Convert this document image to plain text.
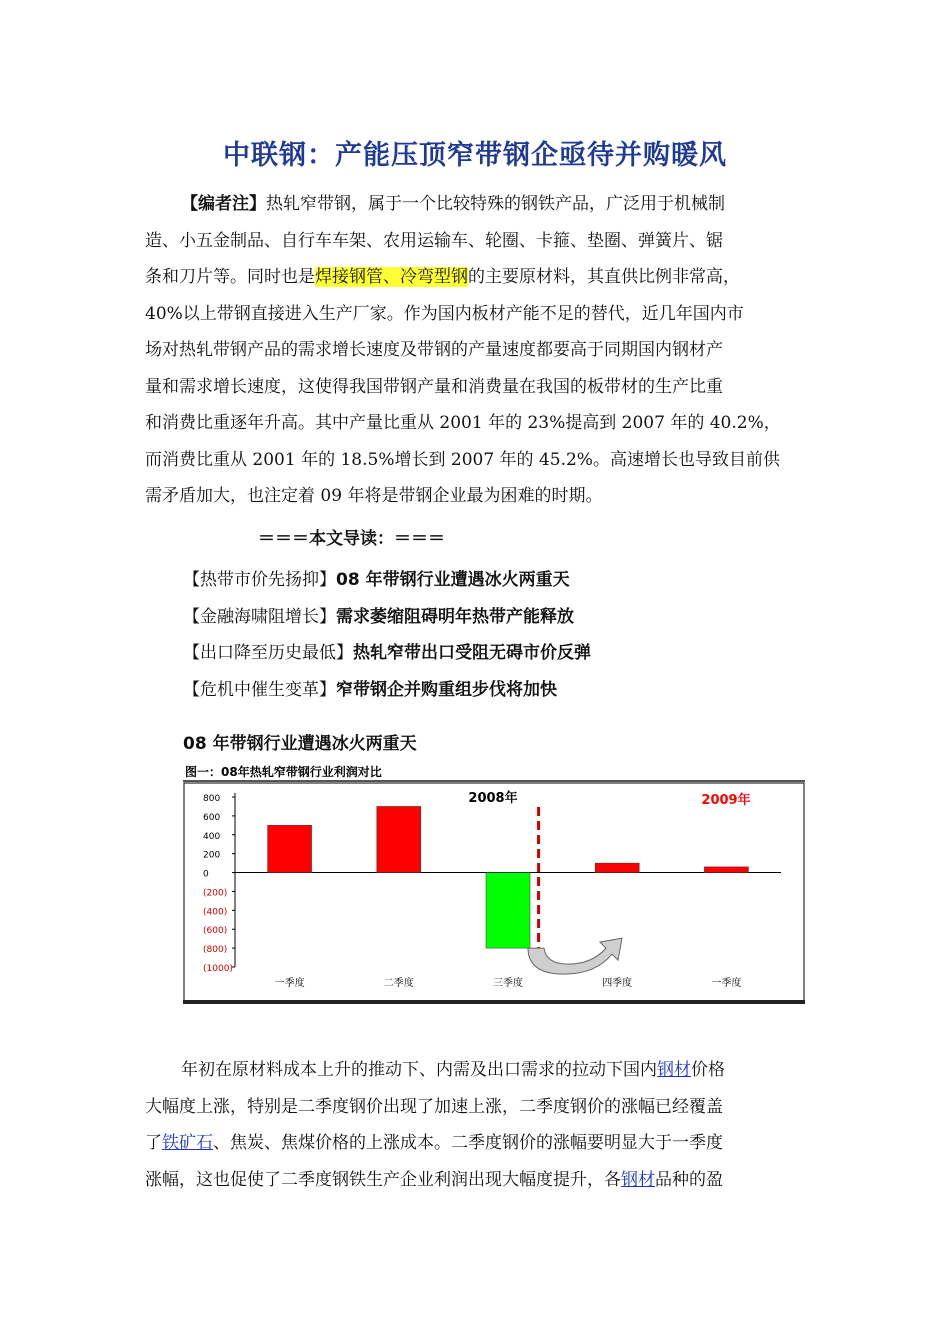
中联钢：产能压顶窄带钢企亟待并购暖风
【编者注】热轧窄带钢，属于一个比较特殊的钢铁产品，广泛用于机械制
造、小五金制品、自行车车架、农用运输车、轮圈、卡箍、垫圈、弹簧片、锯
条和刀片等。同时也是焊接钢管、冷弯型钢的主要原材料，其直供比例非常高，
40%以上带钢直接进入生产厂家。作为国内板材产能不足的替代，近几年国内市
场对热轧带钢产品的需求增长速度及带钢的产量速度都要高于同期国内钢材产
量和需求增长速度，这使得我国带钢产量和消费量在我国的板带材的生产比重
和消费比重逐年升高。其中产量比重从 2001 年的 23%提高到 2007 年的 40.2%，
而消费比重从 2001 年的 18.5%增长到 2007 年的 45.2%。高速增长也导致目前供
需矛盾加大，也注定着 09 年将是带钢企业最为困难的时期。
＝＝＝本文导读：＝＝＝
【热带市价先扬抑】08 年带钢行业遭遇冰火两重天
【金融海啸阻增长】需求萎缩阻碍明年热带产能释放
【出口降至历史最低】热轧窄带出口受阻无碍市价反弹
【危机中催生变革】窄带钢企并购重组步伐将加快
08 年带钢行业遭遇冰火两重天
图一：08年热轧窄带钢行业利润对比
800
600
400
200
0
(200)
(400)
(600)
(800)
(1000)
一季度	二季度	三季度	四季度	一季度
2008年	2009年
年初在原材料成本上升的推动下、内需及出口需求的拉动下国内钢材价格
大幅度上涨，特别是二季度钢价出现了加速上涨，二季度钢价的涨幅已经覆盖
了铁矿石、焦炭、焦煤价格的上涨成本。二季度钢价的涨幅要明显大于一季度
涨幅，这也促使了二季度钢铁生产企业利润出现大幅度提升，各钢材品种的盈
